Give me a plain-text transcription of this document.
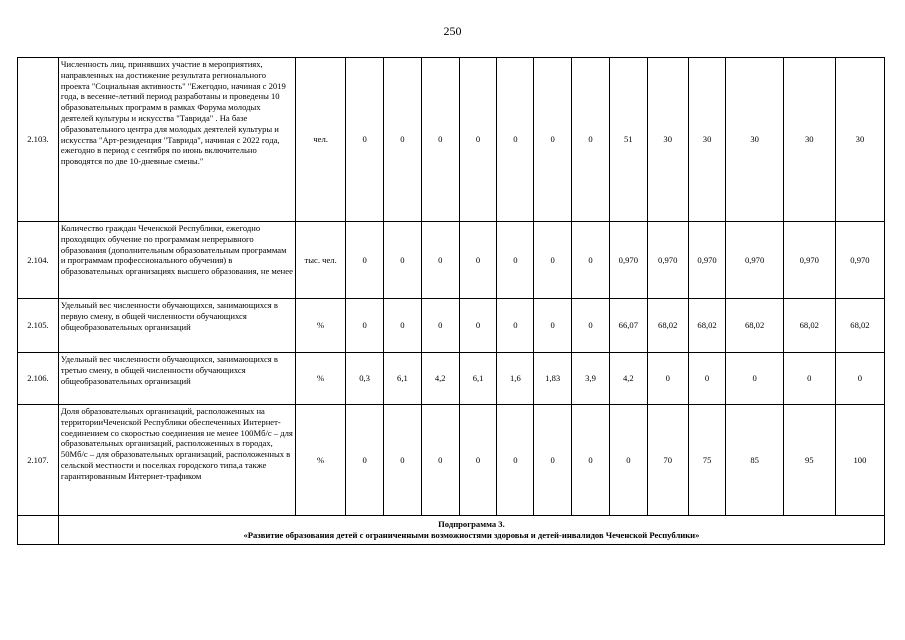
250
2.103.	Численность лиц, принявших участие в мероприятиях, направленных на достижение результата регионального проекта "Социальная активность" "Ежегодно, начиная с 2019 года, в весенне-летний период разработаны и проведены 10 образовательных программ в рамках Форума молодых деятелей культуры и искусства "Таврида" . На базе образовательного центра для молодых деятелей культуры и искусства "Арт-резиденция "Таврида", начиная с 2022 года, ежегодно в период с сентября по июнь включительно проводятся по две 10-дневные смены."	чел.	0	0	0	0	0	0	0	51	30	30	30	30	30
2.104.	Количество граждан Чеченской Республики, ежегодно проходящих обучение по программам непрерывного образования (дополнительным образовательным программам и программам профессионального обучения) в образовательных организациях высшего образования, не менее	тыс. чел.	0	0	0	0	0	0	0	0,970	0,970	0,970	0,970	0,970	0,970
2.105.	Удельный вес численности обучающихся, занимающихся в первую смену, в общей численности обучающихся общеобразовательных организаций	%	0	0	0	0	0	0	0	66,07	68,02	68,02	68,02	68,02	68,02
2.106.	Удельный вес численности обучающихся, занимающихся в третью смену, в общей численности обучающихся общеобразовательных организаций	%	0,3	6,1	4,2	6,1	1,6	1,83	3,9	4,2	0	0	0	0	0
2.107.	Доля образовательных организаций, расположенных на территорииЧеченской Республики обеспеченных Интернет-соединением со скоростью соединения не менее 100Мб/с – для образовательных организаций, расположенных в городах, 50Мб/с – для образовательных организаций, расположенных в сельской местности и поселках городского типа,а также гарантированным Интернет-трафиком	%	0	0	0	0	0	0	0	0	70	75	85	95	100

	Подпрограмма 3.
«Развитие образования детей с ограниченными возможностями здоровья и детей-инвалидов Чеченской Республики»														
